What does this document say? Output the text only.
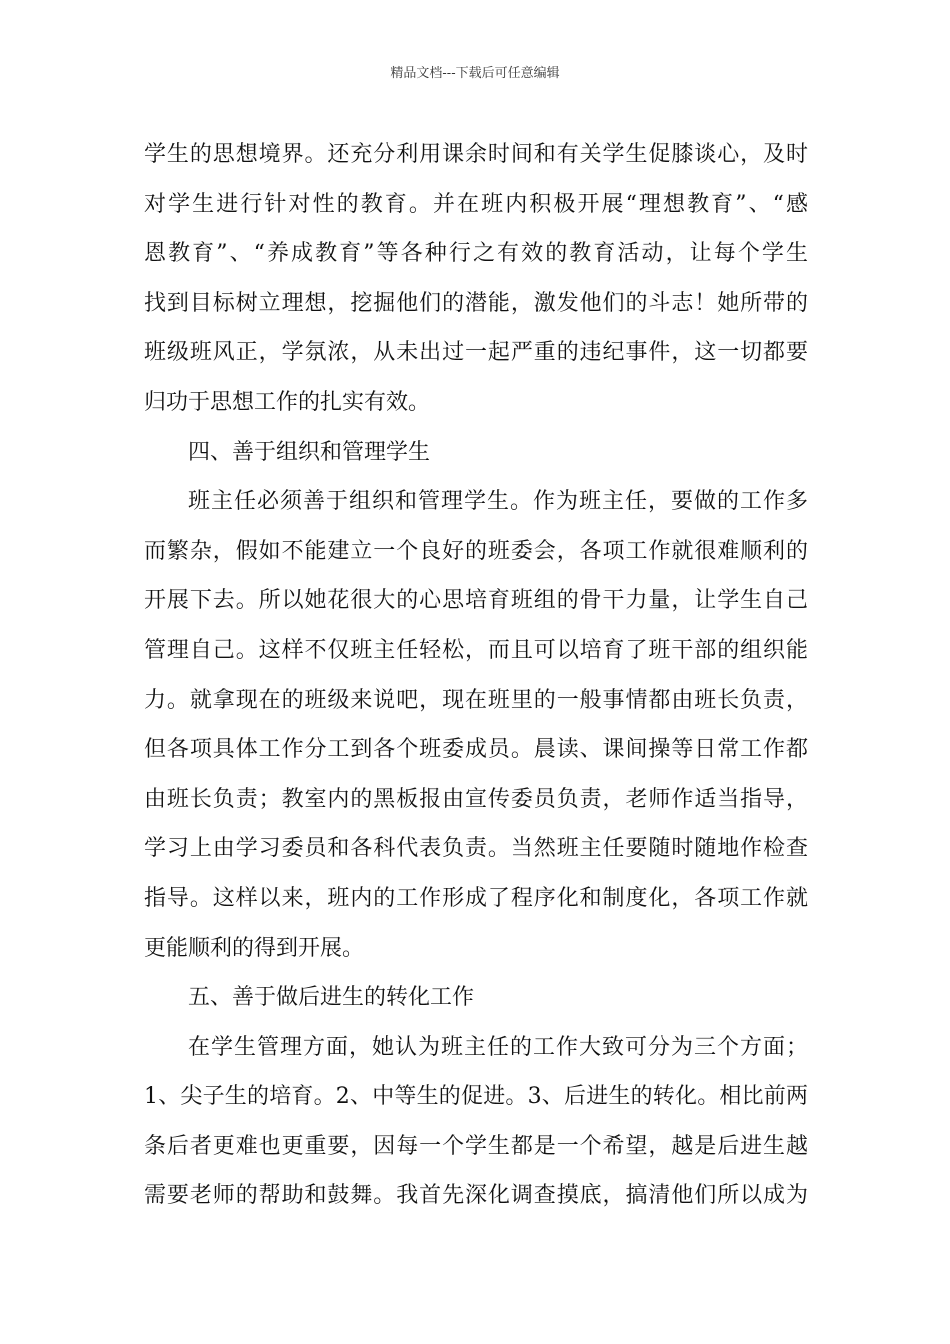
精品文档---下载后可任意编辑
学生的思想境界。还充分利用课余时间和有关学生促膝谈心，及时
对学生进行针对性的教育。并在班内积极开展“理想教育”、“感
恩教育”、“养成教育”等各种行之有效的教育活动，让每个学生
找到目标树立理想，挖掘他们的潜能，激发他们的斗志！她所带的
班级班风正，学氛浓，从未出过一起严重的违纪事件，这一切都要
归功于思想工作的扎实有效。
四、善于组织和管理学生
班主任必须善于组织和管理学生。作为班主任，要做的工作多
而繁杂，假如不能建立一个良好的班委会，各项工作就很难顺利的
开展下去。所以她花很大的心思培育班组的骨干力量，让学生自己
管理自己。这样不仅班主任轻松，而且可以培育了班干部的组织能
力。就拿现在的班级来说吧，现在班里的一般事情都由班长负责，
但各项具体工作分工到各个班委成员。晨读、课间操等日常工作都
由班长负责；教室内的黑板报由宣传委员负责，老师作适当指导，
学习上由学习委员和各科代表负责。当然班主任要随时随地作检查
指导。这样以来，班内的工作形成了程序化和制度化，各项工作就
更能顺利的得到开展。
五、善于做后进生的转化工作
在学生管理方面，她认为班主任的工作大致可分为三个方面；
1、尖子生的培育。2、中等生的促进。3、后进生的转化。相比前两
条后者更难也更重要，因每一个学生都是一个希望，越是后进生越
需要老师的帮助和鼓舞。我首先深化调查摸底，搞清他们所以成为
